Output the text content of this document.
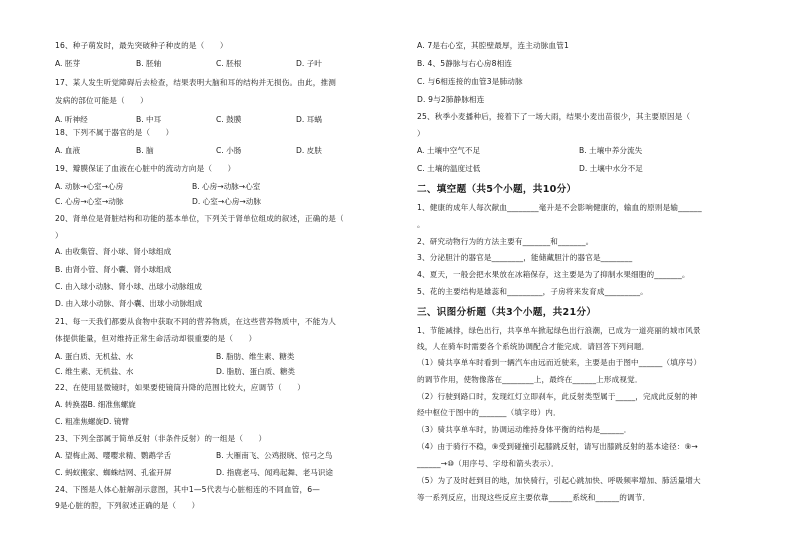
16、种子萌发时，最先突破种子种皮的是（　　）
A. 胚芽	B. 胚轴	C. 胚根	D. 子叶
17、某人发生听觉障碍后去检查，结果表明大脑和耳的结构并无损伤。由此，推测
发病的部位可能是（　　）
A. 听神经	B. 中耳	C. 鼓膜	D. 耳蜗
18、下列不属于器官的是（　　）
A. 血液	B. 脑	C. 小肠	D. 皮肤
19、瓣膜保证了血液在心脏中的流动方向是（　　）
A. 动脉→心室→心房	B. 心房→动脉→心室
C. 心房→心室→动脉	D. 心室→心房→动脉
20、肾单位是肾脏结构和功能的基本单位，下列关于肾单位组成的叙述，正确的是（
）
A. 由收集管、肾小球、肾小球组成
B. 由肾小管、肾小囊、肾小球组成
C. 由入球小动脉、肾小球、出球小动脉组成
D. 由入球小动脉、肾小囊、出球小动脉组成
21、每一天我们都要从食物中获取不同的营养物质，在这些营养物质中，不能为人
体提供能量，但对维持正常生命活动却很重要的是（　　）
A. 蛋白质、无机盐、水	B. 脂肪、维生素、糖类
C. 维生素、无机盐、水	D. 脂肪、蛋白质、糖类
22、在使用显微镜时，如果要使镜筒升降的范围比较大，应调节（　　）
A. 转换器B. 细准焦螺旋
C. 粗准焦螺旋D. 镜臂
23、下列全部属于简单反射（非条件反射）的一组是（　　）
A. 望梅止渴、嘤嘤求精、鹦鹉学舌	B. 大雁南飞、公鸡报晓、惊弓之鸟
C. 蚂蚁搬家、蜘蛛结网、孔雀开屏	D. 指鹿老马、闻鸡起舞、老马识途
24、下图是人体心脏解剖示意图，其中1—5代表与心脏相连的不同血管，6—
9是心脏的腔，下列叙述正确的是（　　）
A. 7是右心室，其腔壁最厚，连主动脉血管1
B. 4、5静脉与右心房8相连
C. 与6相连接的血管3是肺动脉
D. 9与2肺静脉相连
25、秋季小麦播种后，接着下了一场大雨，结果小麦出苗很少，其主要原因是（
）
A. 土壤中空气不足	B. 土壤中养分流失
C. 土壤的温度过低	D. 土壤中水分不足
二、填空题（共5个小题，共10分）
1、健康的成年人每次献血________毫升是不会影响健康的，输血的原则是输______
。
2、研究动物行为的方法主要有_______和_______。
3、分泌胆汁的器官是________，能储藏胆汁的器官是________
4、夏天，一般会把水果放在冰箱保存，这主要是为了抑制水果细胞的_______。
5、花的主要结构是雄蕊和_________，子房将来发育成_________。
三、识图分析题（共3个小题，共21分）
1、节能减排，绿色出行，共享单车掀起绿色出行浪潮，已成为一道亮丽的城市风景
线，人在骑车时需要各个系统协调配合才能完成．请回答下列问题．
（1）骑共享单车时看到一辆汽车由远而近驶来，主要是由于图中______（填序号）
的调节作用，使物像落在________上，最终在______上形成视觉．
（2）行驶到路口时，发现红灯立即刹车，此反射类型属于_____，完成此反射的神
经中枢位于图中的_______（填字母）内．
（3）骑共享单车时，协调运动维持身体平衡的结构是______．
（4）由于骑行不稳，⑨受到碰撞引起膝跳反射，请写出膝跳反射的基本途径：⑨→
______→⑩（用序号、字母和箭头表示）．
（5）为了及时赶到目的地，加快骑行，引起心跳加快、呼吸频率增加、肺活量增大
等一系列反应，出现这些反应主要依靠______系统和______的调节．
